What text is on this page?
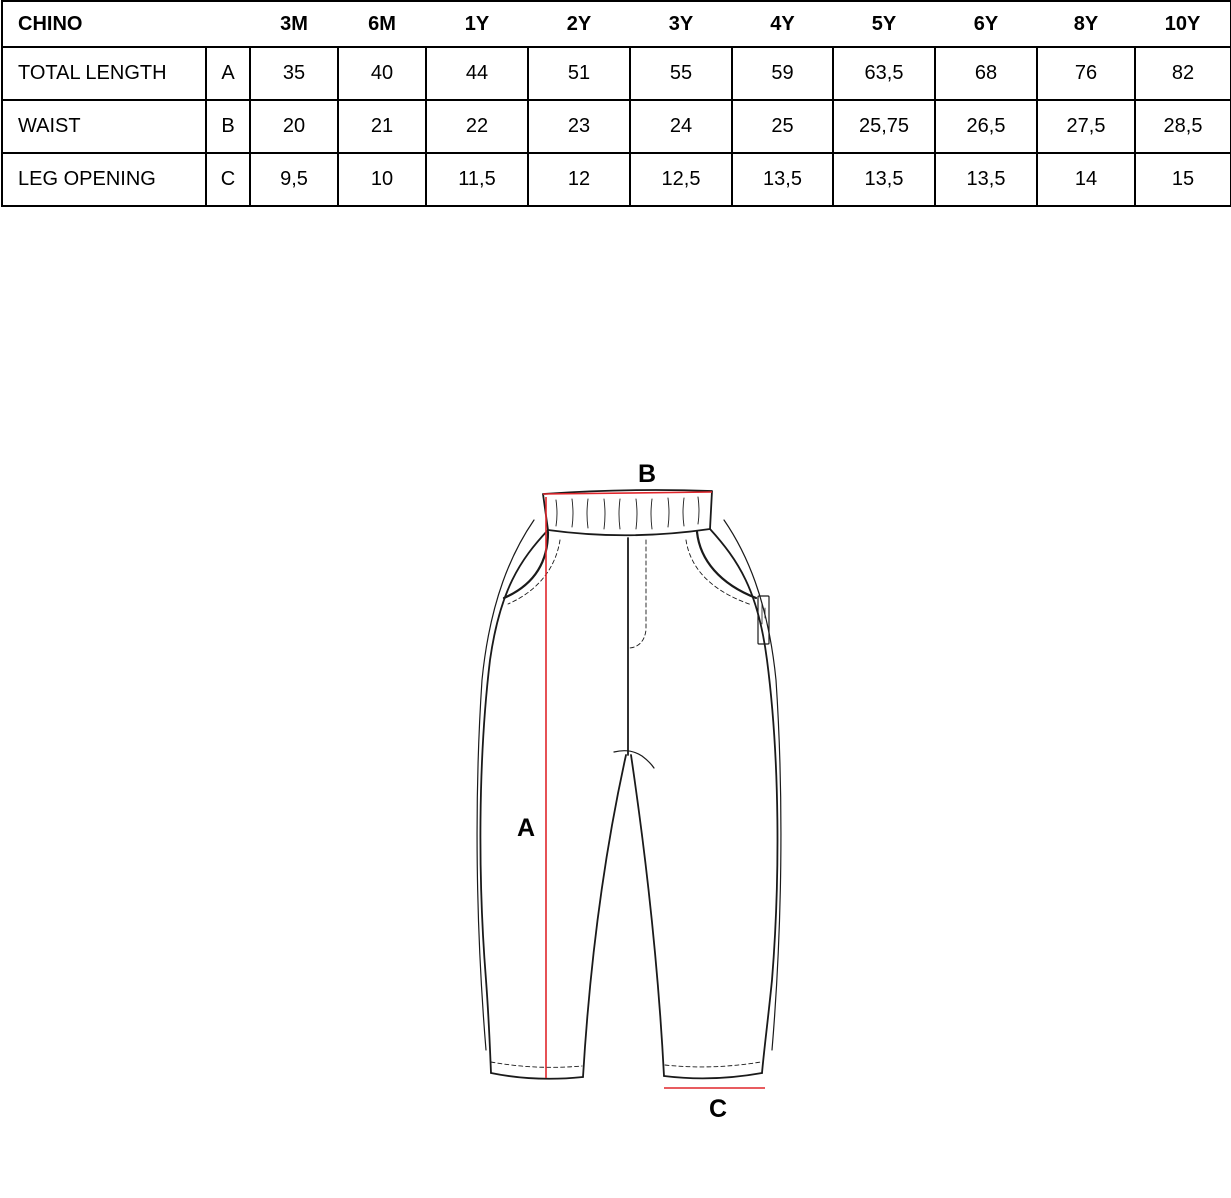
CHINO		3M	6M	1Y	2Y	3Y	4Y	5Y	6Y	8Y	10Y
TOTAL LENGTH	A	35	40	44	51	55	59	63,5	68	76	82
WAIST	B	20	21	22	23	24	25	25,75	26,5	27,5	28,5
LEG OPENING	C	9,5	10	11,5	12	12,5	13,5	13,5	13,5	14	15
B
A
C
